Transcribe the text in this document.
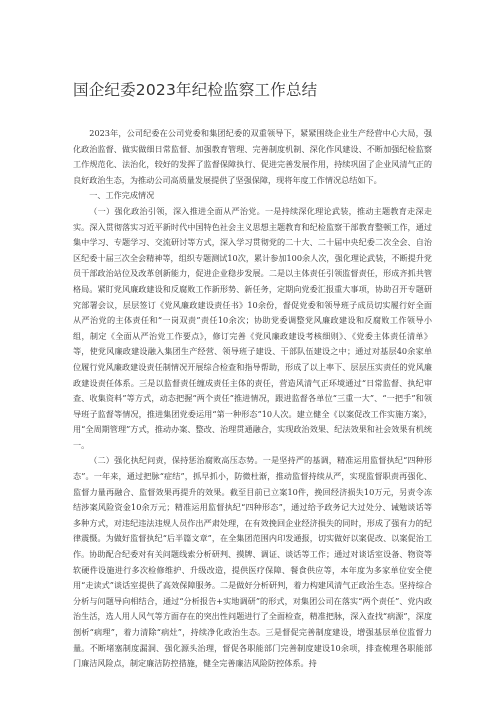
国企纪委2023年纪检监察工作总结

2023年，公司纪委在公司党委和集团纪委的双重领导下，紧紧围绕企业生产经营中心大局，强化政治监督、做实做细日常监督、加强教育管理、完善制度机制、深化作风建设、不断加强纪检监察工作规范化、法治化，较好的发挥了监督保障执行、促进完善发展作用，持续巩固了企业风清气正的良好政治生态，为推动公司高质量发展提供了坚强保障，现将年度工作情况总结如下。

一、工作完成情况

（一）强化政治引领，深入推进全面从严治党。一是持续深化理论武装，推动主题教育走深走实。深入贯彻落实习近平新时代中国特色社会主义思想主题教育和纪检监察干部教育整顿工作，通过集中学习、专题学习、交流研讨等方式，深入学习贯彻党的二十大、二十届中央纪委二次全会、自治区纪委十届三次全会精神等，组织专题测试10次，累计参加100余人次，强化理论武装，不断提升党员干部政治站位及改革创新能力，促进企业稳步发展。二是以主体责任引领监督责任，形成齐抓共管格局。紧盯党风廉政建设和反腐败工作新形势、新任务，定期向党委汇报重大事项，协助召开专题研究部署会议，层层签订《党风廉政建设责任书》10余份，督促党委和领导班子成员切实履行好全面从严治党的主体责任和“一岗双责”责任10余次；协助党委调整党风廉政建设和反腐败工作领导小组，制定《全面从严治党工作要点》，修订完善《党风廉政建设考核细则》、《党委主体责任清单》等，使党风廉政建设融入集团生产经营、领导班子建设、干部队伍建设之中；通过对基层40余家单位履行党风廉政建设责任制情况开展综合检查和指导帮助，形成了以上率下、层层压实责任的党风廉政建设责任体系。三是以监督责任缠成责任主体的责任，营造风清气正环境通过“日常监督、执纪审查、收集资料”等方式，动态把握“两个责任”推进情况，跟进监督各单位“三重一大”、“一把手”和领导班子监督等情况，推进集团党委运用“第一种形态”10人次。建立健全《以案促改工作实施方案》，用“全周期管理”方式，推动办案、整改、治理贯通融合，实现政治效果、纪法效果和社会效果有机统一。

（二）强化执纪问责，保持惩治腐败高压态势。一是坚持严的基调，精准运用监督执纪“四种形态”。一年来，通过把脉“症结”，抓早抓小，防微杜渐，推动监督持续从严，实现监督职责再强化、监督力量再融合、监督效果再提升的效果。截至目前已立案10件，挽回经济损失10万元，另责令冻结涉案风险资金10余万元；精准运用监督执纪“四种形态”，通过给予政务记大过处分、诫勉谈话等多种方式，对违纪违法违规人员作出严肃处理，在有效挽回企业经济损失的同时，形成了强有力的纪律震慑。为做好监督执纪“后半篇文章”，在全集团范围内印发通报，切实做好以案促改、以案促治工作。协助配合纪委对有关问题线索分析研判、摸牌、调证、谈话等工作；通过对谈话室设备、物资等软硬件设施进行多次检修维护、升级改造，提供医疗保障、餐食供应等，本年度为多家单位安全使用“走读式”谈话室提供了高效保障服务。二是做好分析研判，着力构建风清气正政治生态。坚持综合分析与问题导向相结合，通过“分析报告+实地调研”的形式，对集团公司在落实“两个责任”、党内政治生活，选人用人风气等方面存在的突出性问题进行了全面检查，精准把脉，深入查找“病源”，深度剖析“病理”，着力清除“病灶”，持续净化政治生态。三是督促完善制度建设，增强基层单位监督力量。不断堵塞制度漏洞、强化源头治理，督促各职能部门完善制度建设10余项，排查梳理各职能部门廉洁风险点，制定廉洁防控措施，健全完善廉洁风险防控体系。持
